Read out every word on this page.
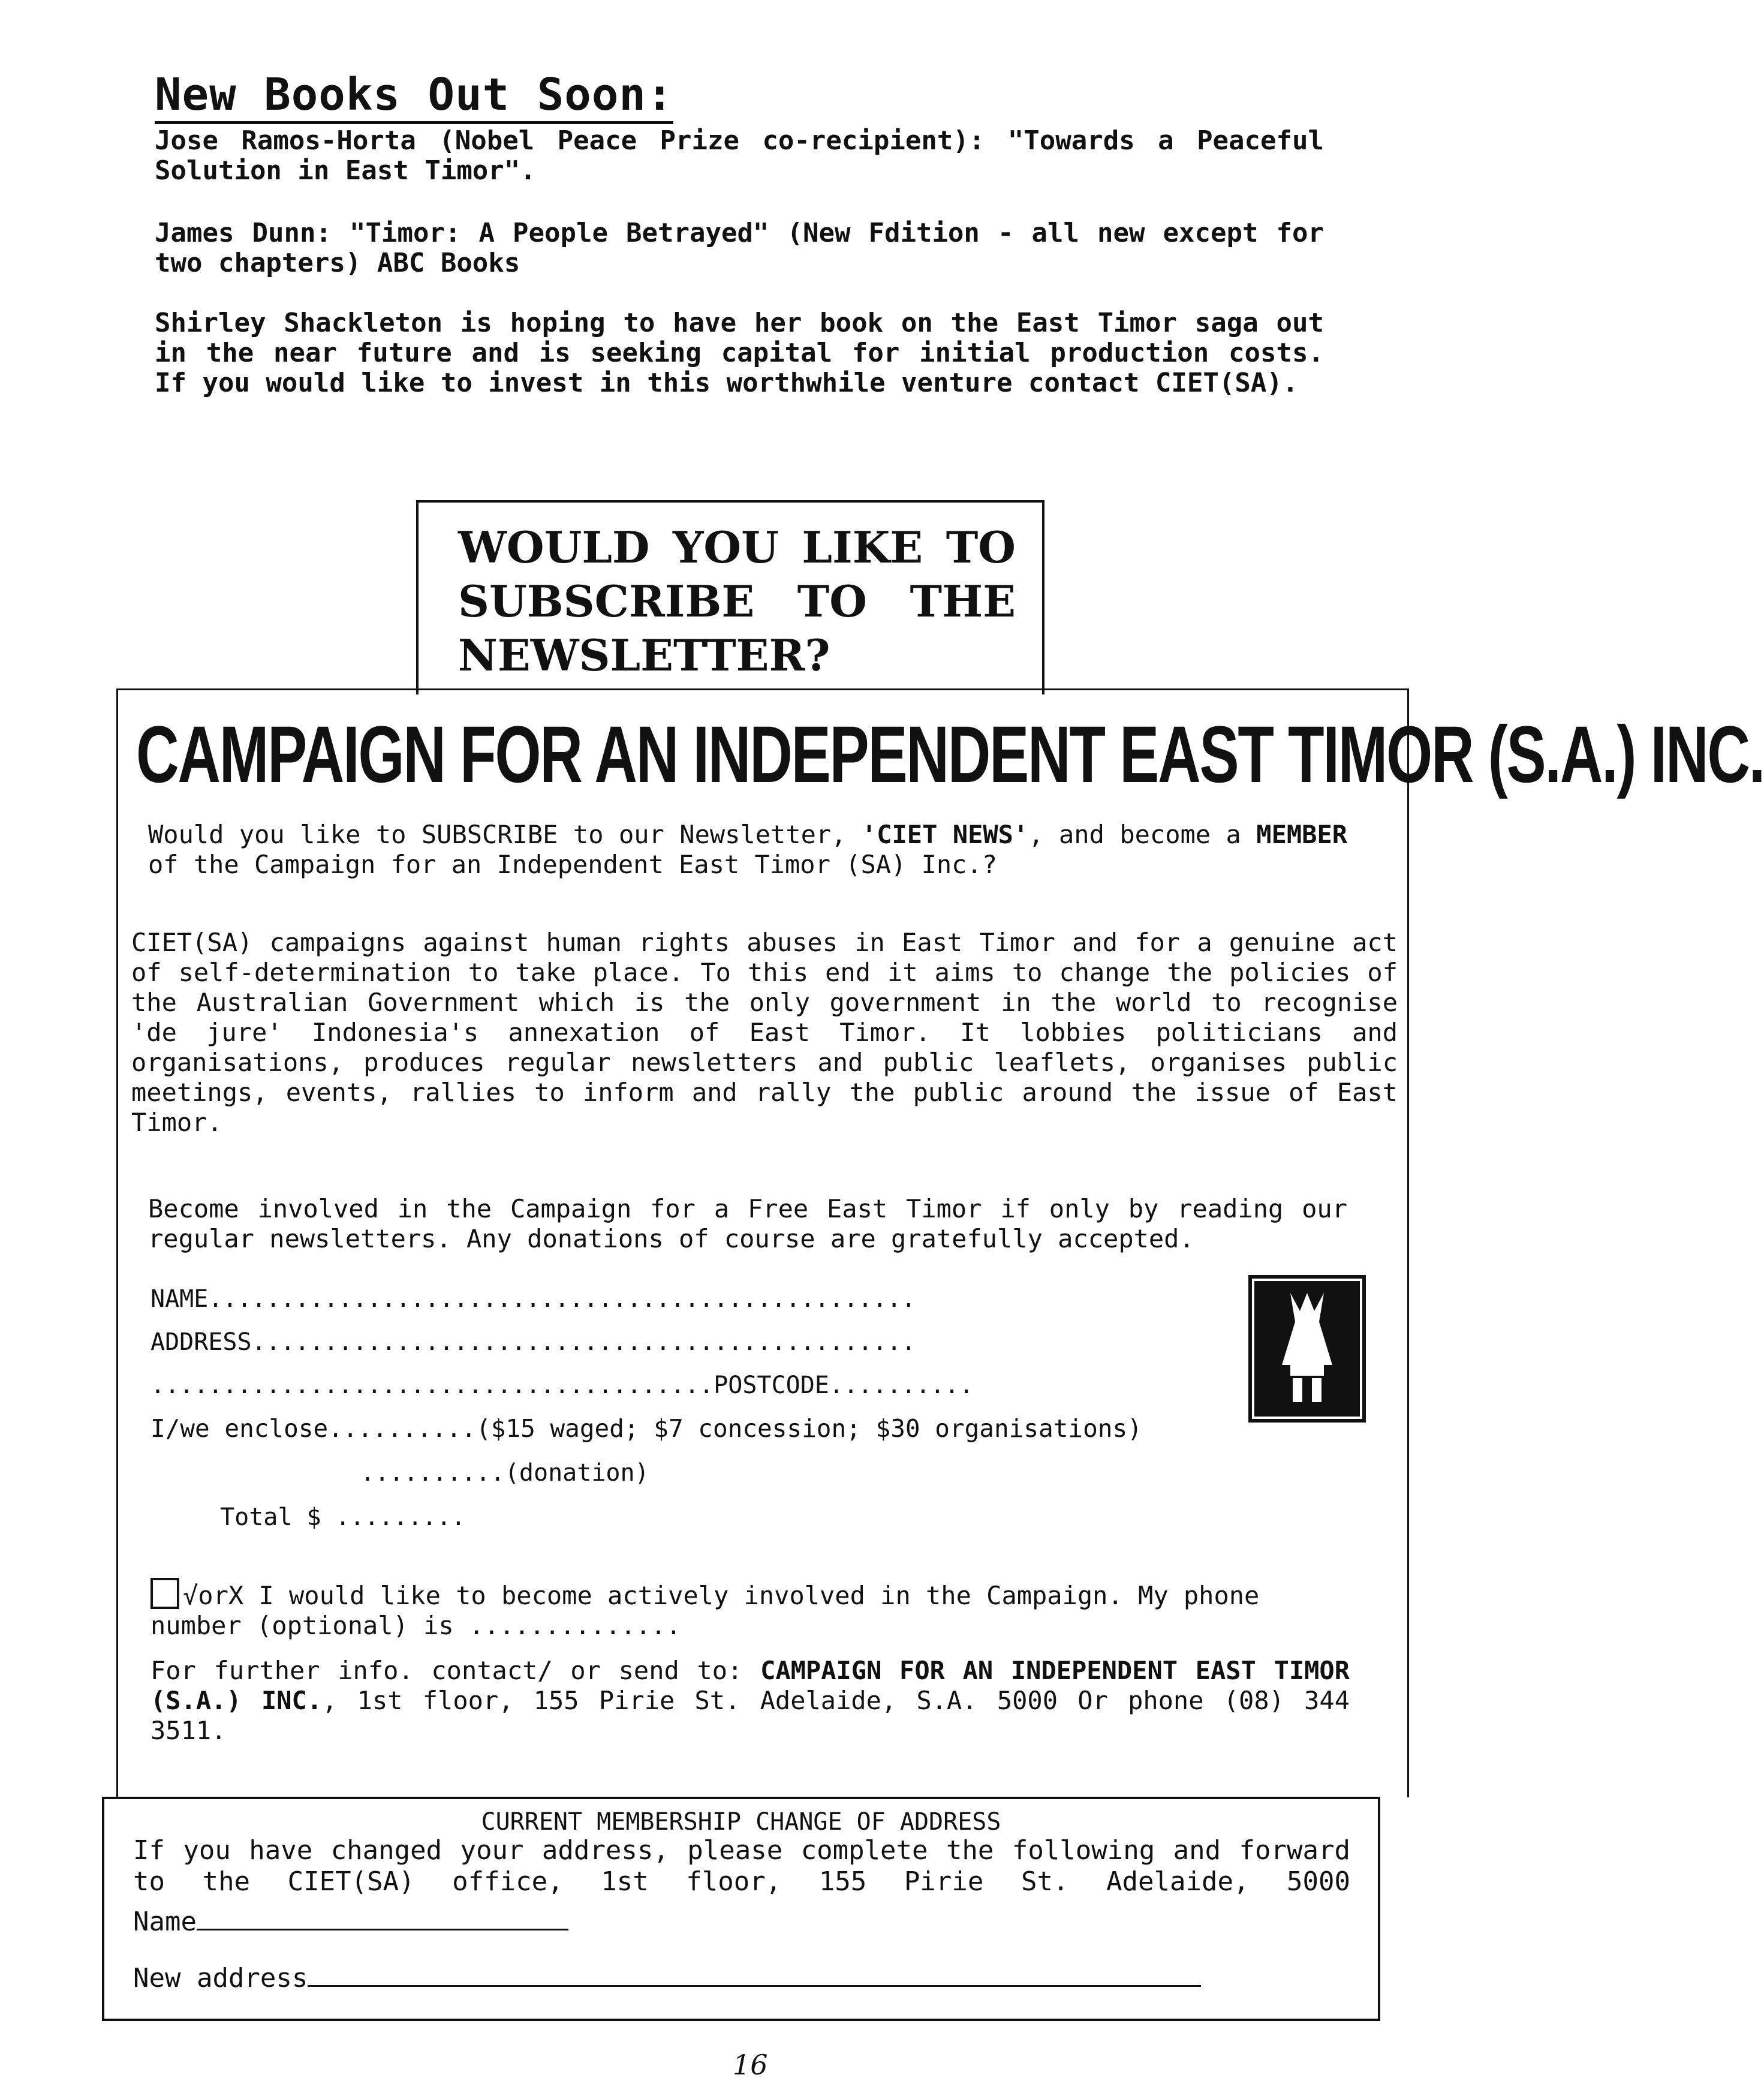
New Books Out Soon:
Jose Ramos-Horta (Nobel Peace Prize co-recipient): "Towards a Peaceful Solution in East Timor".
James Dunn: "Timor: A People Betrayed" (New Fdition - all new except for two chapters) ABC Books
Shirley Shackleton is hoping to have her book on the East Timor saga out in the near future and is seeking capital for initial production costs. If you would like to invest in this worthwhile venture contact CIET(SA).
WOULD YOU LIKE TO SUBSCRIBE TO THE NEWSLETTER?
CAMPAIGN FOR AN INDEPENDENT EAST TIMOR (S.A.) INC.
Would you like to SUBSCRIBE to our Newsletter, 'CIET NEWS', and become a MEMBER of the Campaign for an Independent East Timor (SA) Inc.?
CIET(SA) campaigns against human rights abuses in East Timor and for a genuine act of self-determination to take place. To this end it aims to change the policies of the Australian Government which is the only government in the world to recognise 'de jure' Indonesia's annexation of East Timor. It lobbies politicians and organisations, produces regular newsletters and public leaflets, organises public meetings, events, rallies to inform and rally the public around the issue of East Timor.
Become involved in the Campaign for a Free East Timor if only by reading our regular newsletters. Any donations of course are gratefully accepted.
NAME.................................................
ADDRESS..............................................
.......................................POSTCODE..........
I/we enclose..........($15 waged; $7 concession; $30 organisations)
..........(donation)
Total $ .........
√orX I would like to become actively involved in the Campaign. My phone number (optional) is ..............
For further info. contact/ or send to: CAMPAIGN FOR AN INDEPENDENT EAST TIMOR (S.A.) INC., 1st floor, 155 Pirie St. Adelaide, S.A. 5000 Or phone (08) 344 3511.
CURRENT MEMBERSHIP CHANGE OF ADDRESS
If you have changed your address, please complete the following and forward to the CIET(SA) office, 1st floor, 155 Pirie St. Adelaide, 5000
Name
New address
16
